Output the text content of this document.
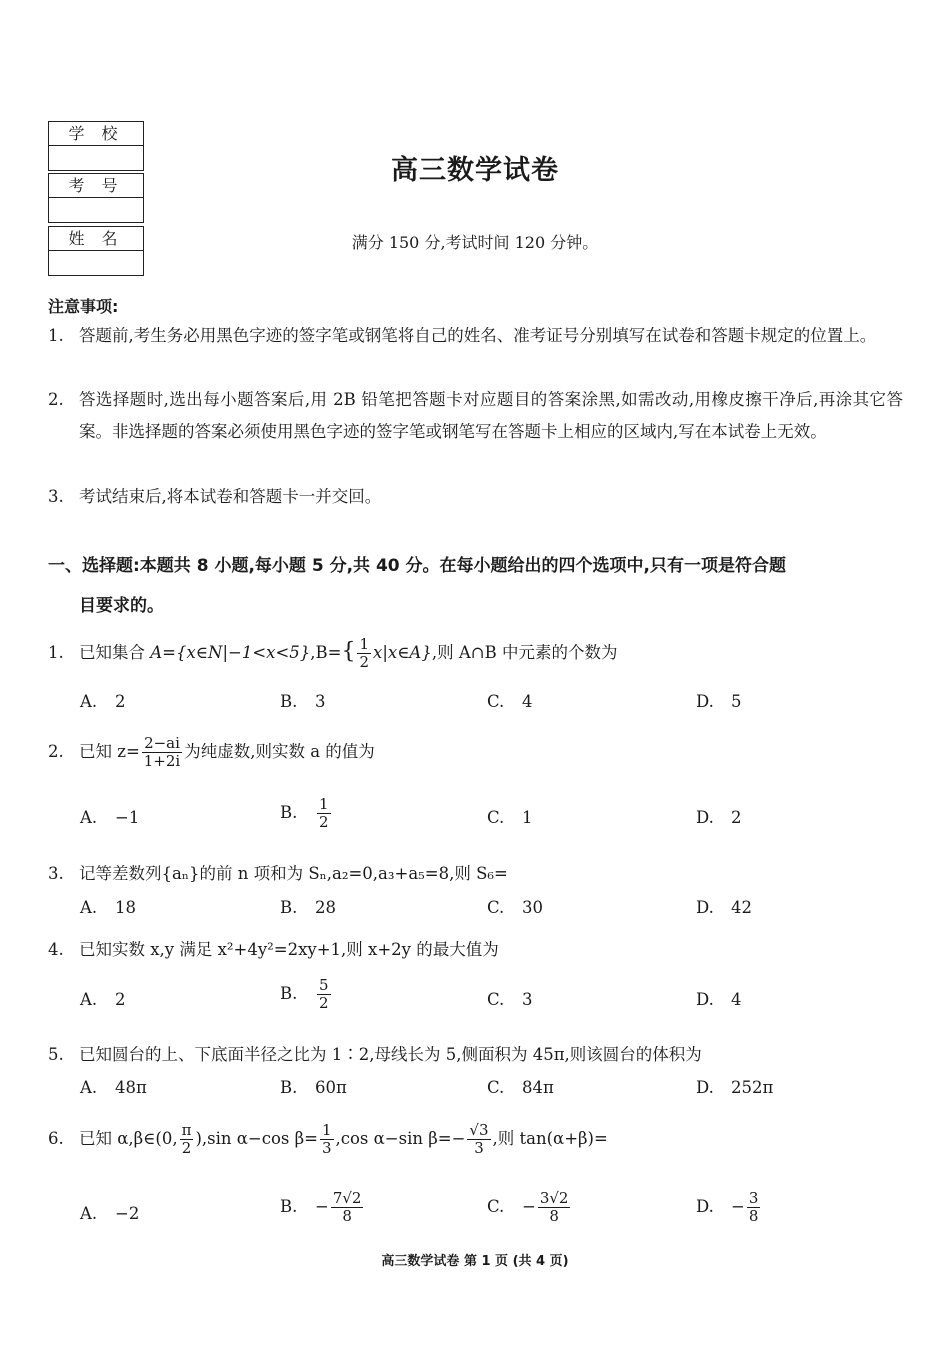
学 校
考 号
姓 名
高三数学试卷
满分 150 分,考试时间 120 分钟。
注意事项:
1. 答题前,考生务必用黑色字迹的签字笔或钢笔将自己的姓名、准考证号分别填写在试卷和答题卡规定的位置上。
2. 答选择题时,选出每小题答案后,用 2B 铅笔把答题卡对应题目的答案涂黑,如需改动,用橡皮擦干净后,再涂其它答案。非选择题的答案必须使用黑色字迹的签字笔或钢笔写在答题卡上相应的区域内,写在本试卷上无效。
3. 考试结束后,将本试卷和答题卡一并交回。
一、选择题:本题共 8 小题,每小题 5 分,共 40 分。在每小题给出的四个选项中,只有一项是符合题
目要求的。
1. 已知集合 A={x∈N|−1<x<5},B={ $\frac{1}{2}$ x|x∈A},则 A∩B 中元素的个数为
A. 2	B. 3	C. 4	D. 5
2. 已知 $z= \frac{2-ai}{1+2i}$ 为纯虚数,则实数 a 的值为
A. −1	B. $\frac{1}{2}$	C. 1	D. 2
3. 记等差数列{aₙ}的前 n 项和为 Sₙ,a₂=0,a₃+a₅=8,则 S₆=
A. 18	B. 28	C. 30	D. 42
4. 已知实数 x,y 满足 x²+4y²=2xy+1,则 x+2y 的最大值为
A. 2	B. $\frac{5}{2}$	C. 3	D. 4
5. 已知圆台的上、下底面半径之比为 1∶2,母线长为 5,侧面积为 45π,则该圆台的体积为
A. 48π	B. 60π	C. 84π	D. 252π
6. 已知 α,β∈(0, $\frac{\pi}{2} ),\sin$ α−cos $\beta= \frac{1}{3} ,\cos$ α−sin $\beta=- \frac{√3}{3}$ ,则 tan(α+β)=
A. −2	B. − $\frac{7√2}{8}$	C. − $\frac{3√2}{8}$	D. − $\frac{3}{8}$
高三数学试卷 第 1 页 (共 4 页)
